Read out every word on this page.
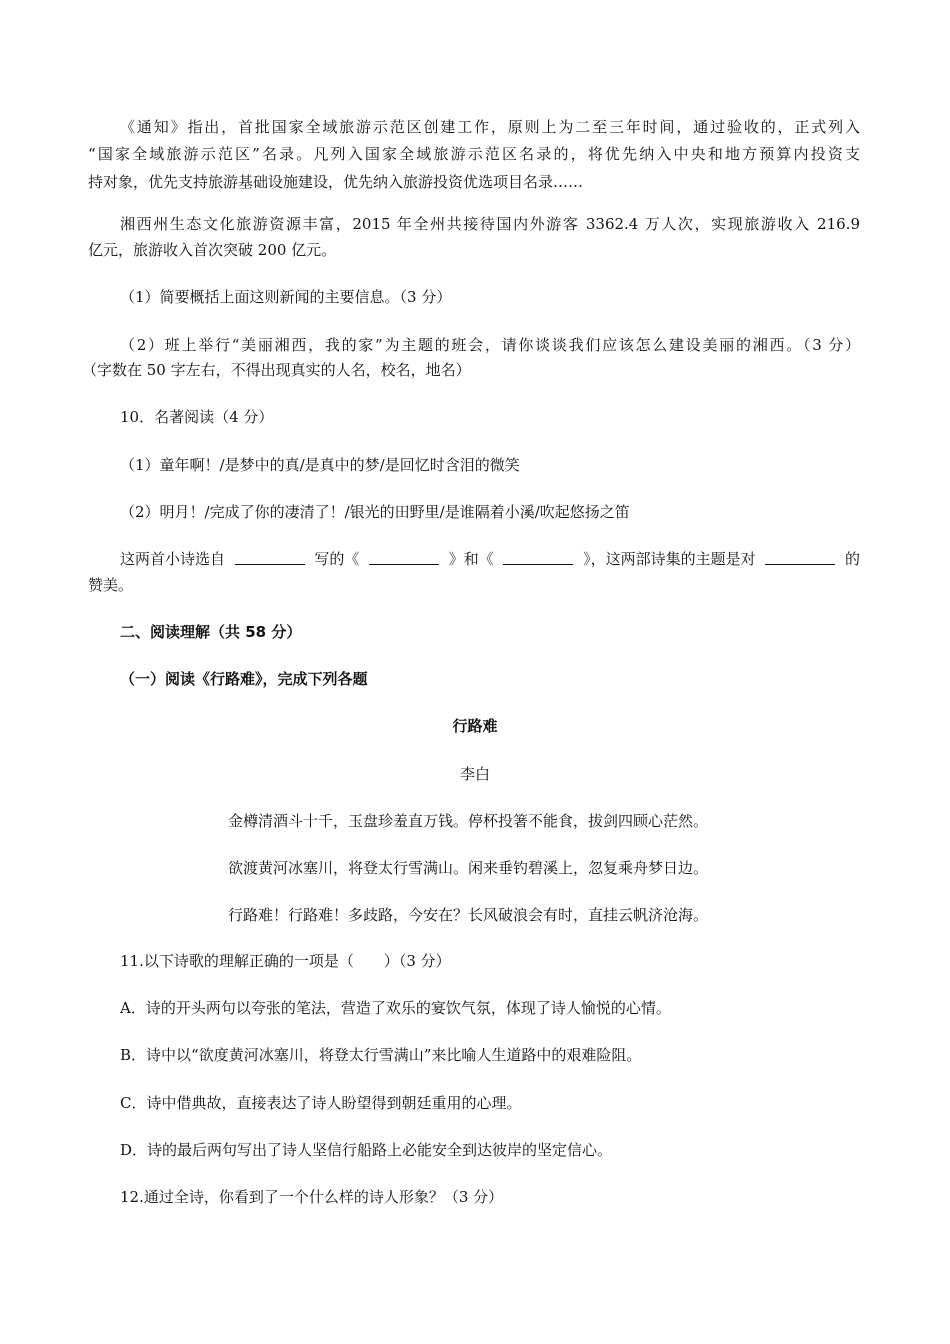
《通知》指出，首批国家全域旅游示范区创建工作，原则上为二至三年时间，通过验收的，正式列入
“国家全域旅游示范区”名录。凡列入国家全域旅游示范区名录的，将优先纳入中央和地方预算内投资支
持对象，优先支持旅游基础设施建设，优先纳入旅游投资优选项目名录……
湘西州生态文化旅游资源丰富，2015 年全州共接待国内外游客 3362.4 万人次，实现旅游收入 216.9
亿元，旅游收入首次突破 200 亿元。
（1）简要概括上面这则新闻的主要信息。（3 分）
（2）班上举行“美丽湘西，我的家”为主题的班会，请你谈谈我们应该怎么建设美丽的湘西。（3 分）
（字数在 50 字左右，不得出现真实的人名，校名，地名）
10．名著阅读（4 分）
（1）童年啊！/是梦中的真/是真中的梦/是回忆时含泪的微笑
（2）明月！/完成了你的凄清了！/银光的田野里/是谁隔着小溪/吹起悠扬之笛
这两首小诗选自	写的《	》和《	》，这两部诗集的主题是对	的
赞美。
二、阅读理解（共 58 分）
（一）阅读《行路难》，完成下列各题
行路难
李白
金樽清酒斗十千，玉盘珍羞直万钱。停杯投箸不能食，拔剑四顾心茫然。
欲渡黄河冰塞川，将登太行雪满山。闲来垂钓碧溪上，忽复乘舟梦日边。
行路难！行路难！多歧路，今安在？长风破浪会有时，直挂云帆济沧海。
11.以下诗歌的理解正确的一项是（　　）（3 分）
A．诗的开头两句以夸张的笔法，营造了欢乐的宴饮气氛，体现了诗人愉悦的心情。
B．诗中以“欲度黄河冰塞川，将登太行雪满山”来比喻人生道路中的艰难险阻。
C．诗中借典故，直接表达了诗人盼望得到朝廷重用的心理。
D．诗的最后两句写出了诗人坚信行船路上必能安全到达彼岸的坚定信心。
12.通过全诗，你看到了一个什么样的诗人形象？（3 分）
